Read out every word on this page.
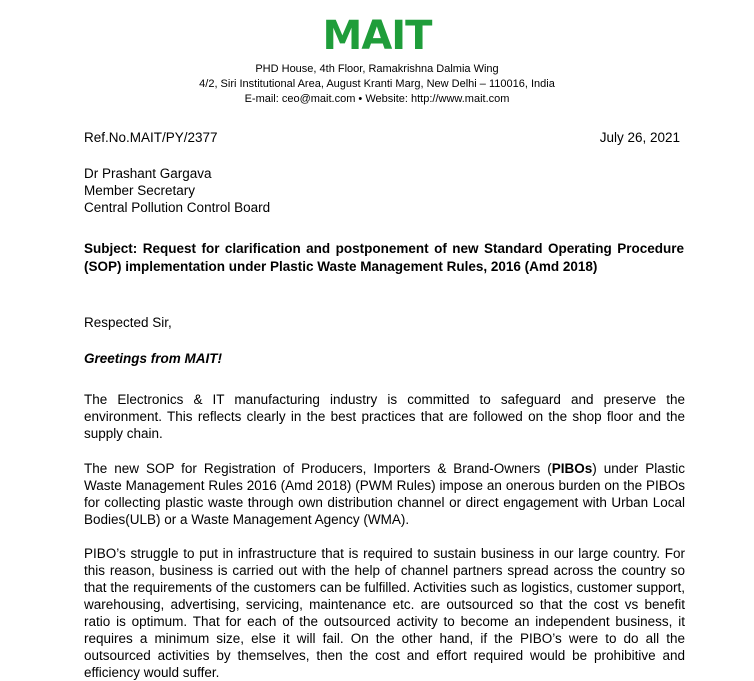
MAIT
PHD House, 4th Floor, Ramakrishna Dalmia Wing
4/2, Siri Institutional Area, August Kranti Marg, New Delhi – 110016, India
E-mail: ceo@mait.com • Website: http://www.mait.com
Ref.No.MAIT/PY/2377	July 26, 2021
Dr Prashant Gargava
Member Secretary
Central Pollution Control Board
Subject: Request for clarification and postponement of new Standard Operating Procedure (SOP) implementation under Plastic Waste Management Rules, 2016 (Amd 2018)
Respected Sir,
Greetings from MAIT!
The Electronics & IT manufacturing industry is committed to safeguard and preserve the environment. This reflects clearly in the best practices that are followed on the shop floor and the supply chain.
The new SOP for Registration of Producers, Importers & Brand-Owners (PIBOs) under Plastic Waste Management Rules 2016 (Amd 2018) (PWM Rules) impose an onerous burden on the PIBOs for collecting plastic waste through own distribution channel or direct engagement with Urban Local Bodies(ULB) or a Waste Management Agency (WMA).
PIBO’s struggle to put in infrastructure that is required to sustain business in our large country. For this reason, business is carried out with the help of channel partners spread across the country so that the requirements of the customers can be fulfilled. Activities such as logistics, customer support, warehousing, advertising, servicing, maintenance etc. are outsourced so that the cost vs benefit ratio is optimum. That for each of the outsourced activity to become an independent business, it requires a minimum size, else it will fail. On the other hand, if the PIBO’s were to do all the outsourced activities by themselves, then the cost and effort required would be prohibitive and efficiency would suffer.
